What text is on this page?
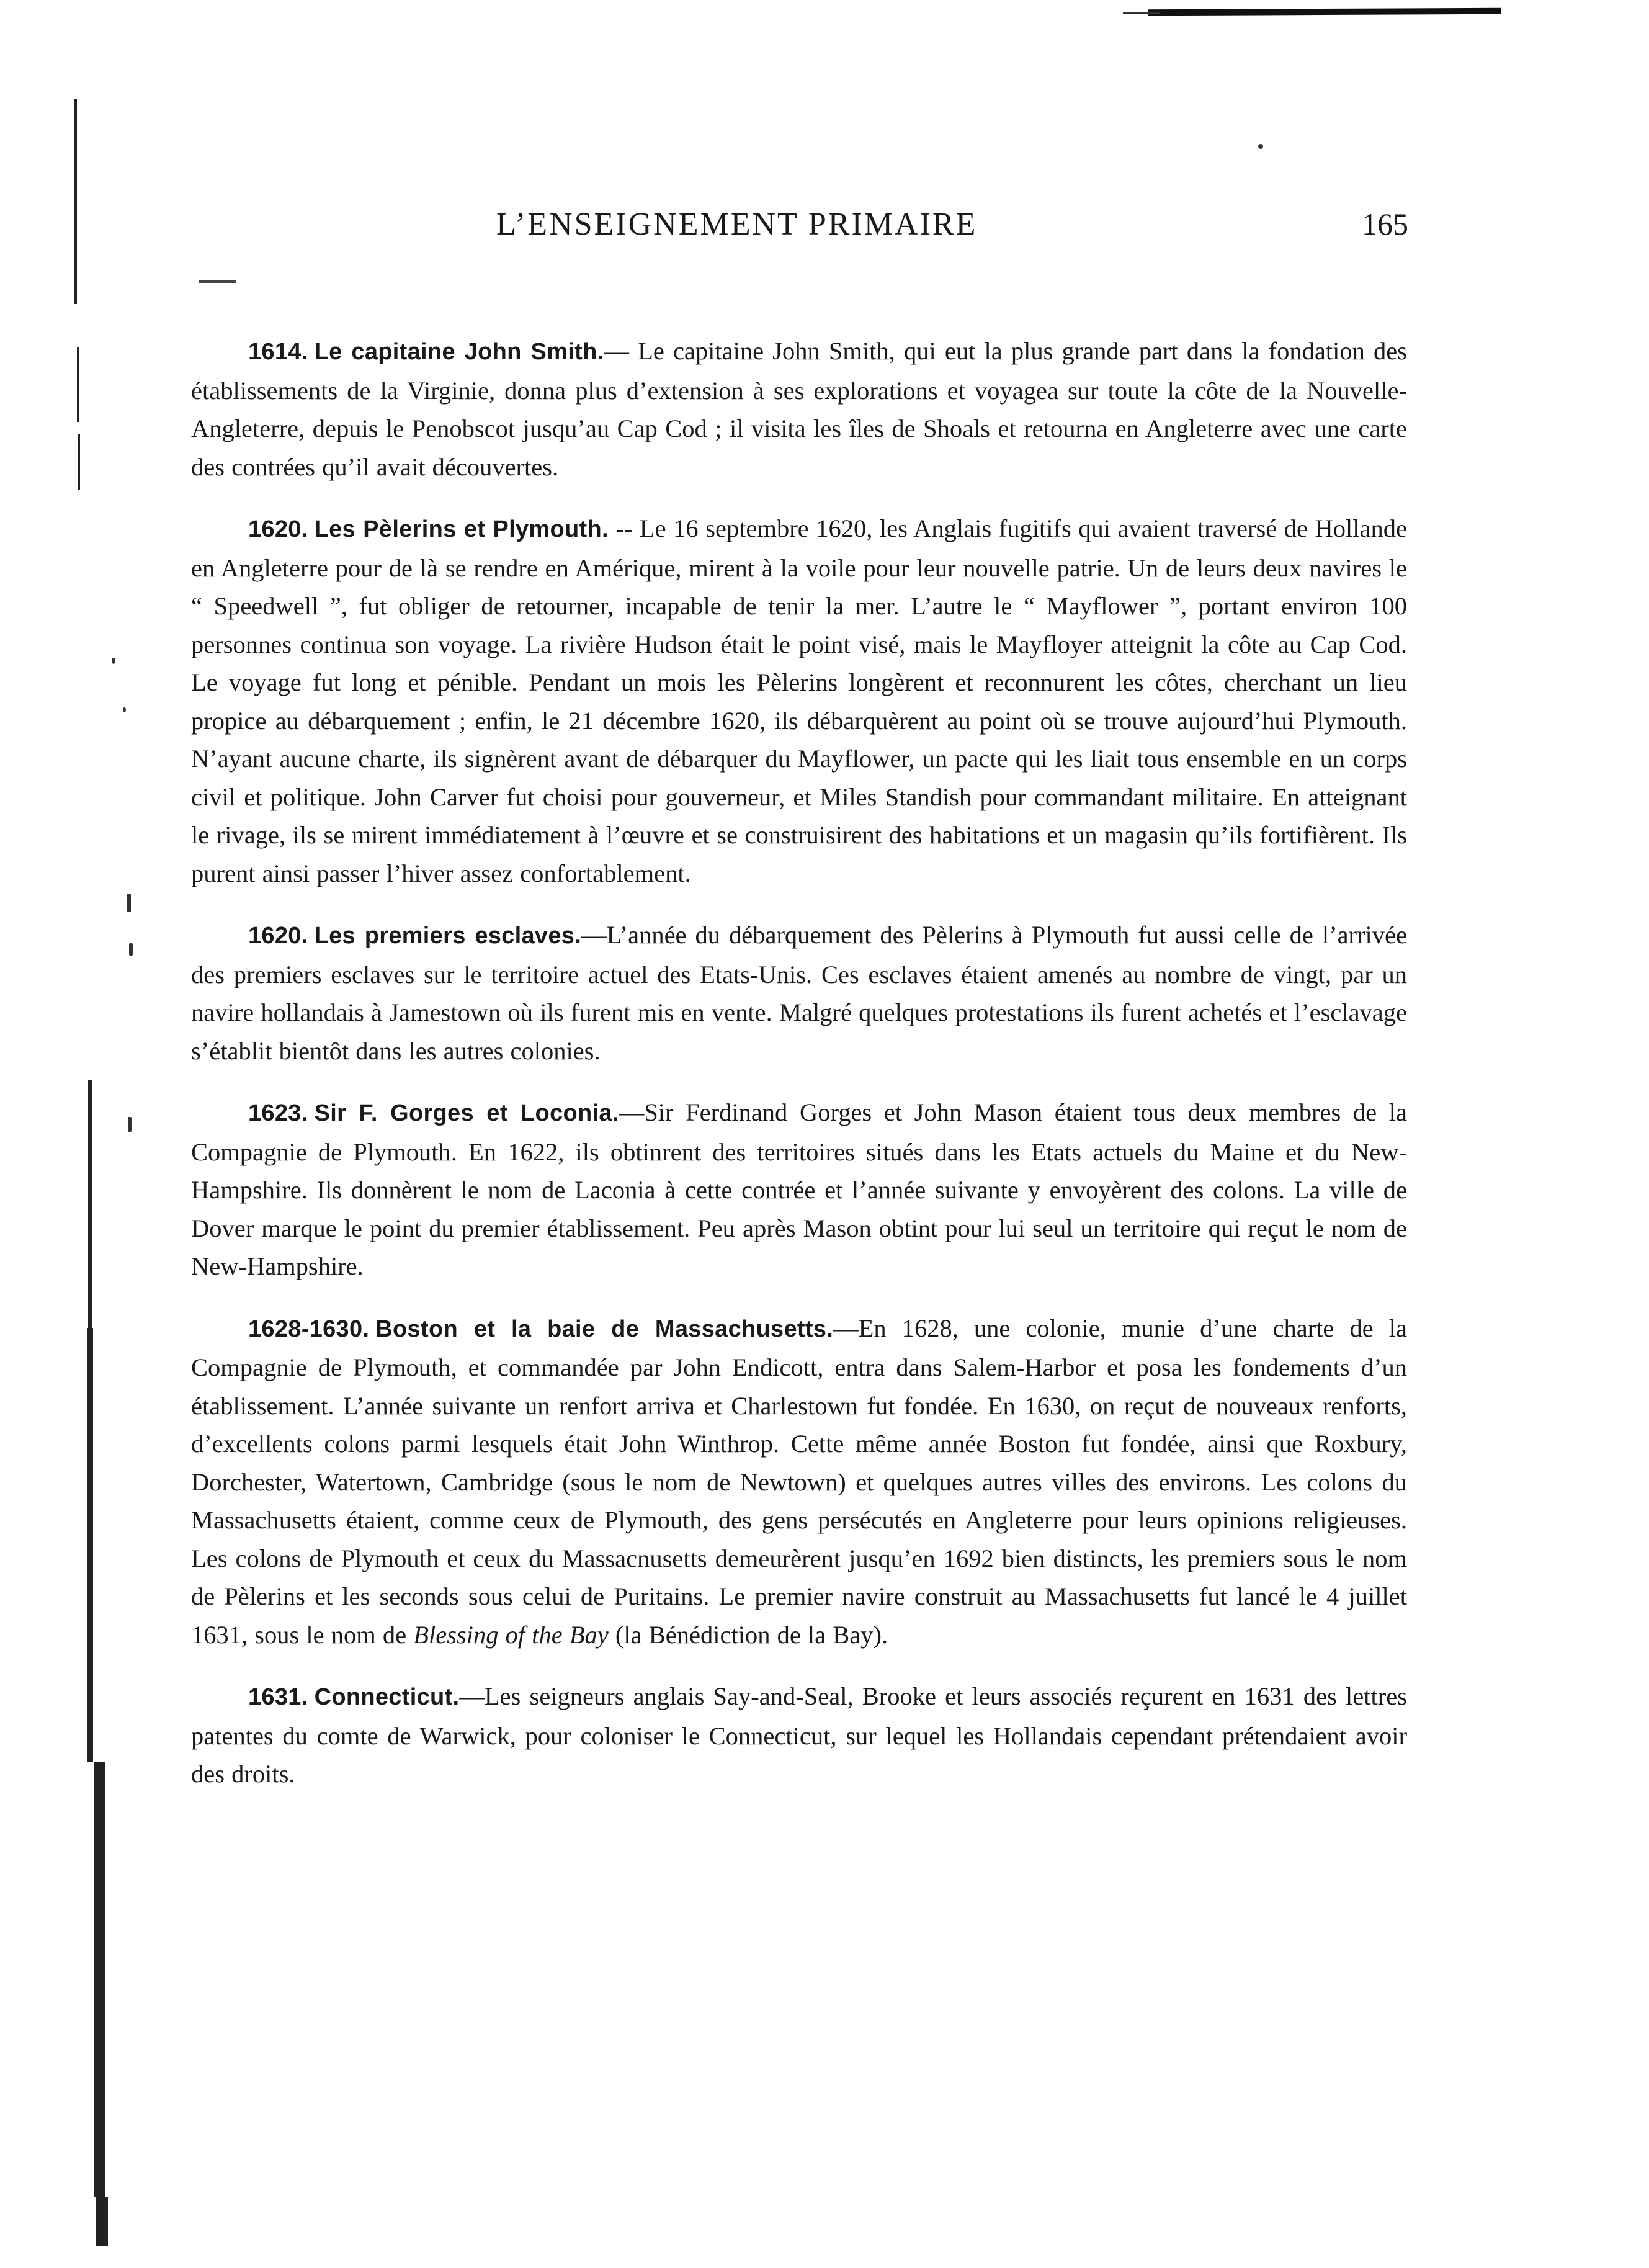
L’ENSEIGNEMENT PRIMAIRE	165

1614. Le capitaine John Smith.— Le capitaine John Smith, qui eut la plus grande part dans la fondation des établissements de la Virginie, donna plus d’extension à ses explorations et voyagea sur toute la côte de la Nouvelle-Angleterre, depuis le Penobscot jusqu’au Cap Cod ; il visita les îles de Shoals et retourna en Angleterre avec une carte des contrées qu’il avait découvertes.

1620. Les Pèlerins et Plymouth. -- Le 16 septembre 1620, les Anglais fugitifs qui avaient traversé de Hollande en Angleterre pour de là se rendre en Amérique, mirent à la voile pour leur nouvelle patrie. Un de leurs deux navires le “ Speedwell ”, fut obliger de retourner, incapable de tenir la mer. L’autre le “ Mayflower ”, portant environ 100 personnes continua son voyage. La rivière Hudson était le point visé, mais le Mayfloyer atteignit la côte au Cap Cod. Le voyage fut long et pénible. Pendant un mois les Pèlerins longèrent et reconnurent les côtes, cherchant un lieu propice au débarquement ; enfin, le 21 décembre 1620, ils débarquèrent au point où se trouve aujourd’hui Plymouth. N’ayant aucune charte, ils signèrent avant de débarquer du Mayflower, un pacte qui les liait tous ensemble en un corps civil et politique. John Carver fut choisi pour gouverneur, et Miles Standish pour commandant militaire. En atteignant le rivage, ils se mirent immédiatement à l’œuvre et se construisirent des habitations et un magasin qu’ils fortifièrent. Ils purent ainsi passer l’hiver assez confortablement.

1620. Les premiers esclaves.—L’année du débarquement des Pèlerins à Plymouth fut aussi celle de l’arrivée des premiers esclaves sur le territoire actuel des Etats-Unis. Ces esclaves étaient amenés au nombre de vingt, par un navire hollandais à Jamestown où ils furent mis en vente. Malgré quelques protestations ils furent achetés et l’esclavage s’établit bientôt dans les autres colonies.

1623. Sir F. Gorges et Loconia.—Sir Ferdinand Gorges et John Mason étaient tous deux membres de la Compagnie de Plymouth. En 1622, ils obtinrent des territoires situés dans les Etats actuels du Maine et du New-Hampshire. Ils donnèrent le nom de Laconia à cette contrée et l’année suivante y envoyèrent des colons. La ville de Dover marque le point du premier établissement. Peu après Mason obtint pour lui seul un territoire qui reçut le nom de New-Hampshire.

1628-1630. Boston et la baie de Massachusetts.—En 1628, une colonie, munie d’une charte de la Compagnie de Plymouth, et commandée par John Endicott, entra dans Salem-Harbor et posa les fondements d’un établissement. L’année suivante un renfort arriva et Charlestown fut fondée. En 1630, on reçut de nouveaux renforts, d’excellents colons parmi lesquels était John Winthrop. Cette même année Boston fut fondée, ainsi que Roxbury, Dorchester, Watertown, Cambridge (sous le nom de Newtown) et quelques autres villes des environs. Les colons du Massachusetts étaient, comme ceux de Plymouth, des gens persécutés en Angleterre pour leurs opinions religieuses. Les colons de Plymouth et ceux du Massacnusetts demeurèrent jusqu’en 1692 bien distincts, les premiers sous le nom de Pèlerins et les seconds sous celui de Puritains. Le premier navire construit au Massachusetts fut lancé le 4 juillet 1631, sous le nom de Blessing of the Bay (la Bénédiction de la Bay).

1631. Connecticut.—Les seigneurs anglais Say-and-Seal, Brooke et leurs associés reçurent en 1631 des lettres patentes du comte de Warwick, pour coloniser le Connecticut, sur lequel les Hollandais cependant prétendaient avoir des droits.
